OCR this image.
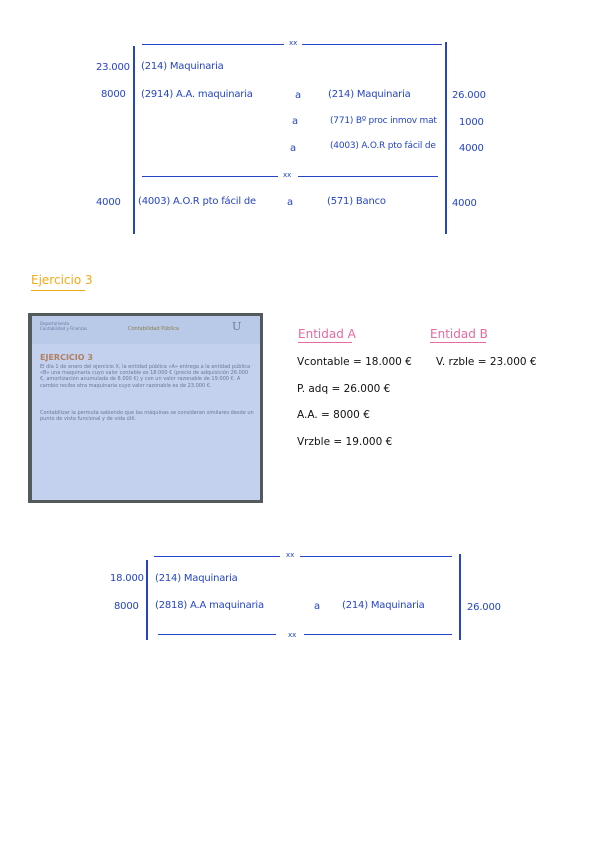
xx
23.000 (214) Maquinaria
8000 (2914) A.A. maquinaria	a	(214) Maquinaria	26.000
a	(771) Bº proc inmov mat 1000
a	(4003) A.O.R pto fácil de 4000
xx
4000 (4003) A.O.R pto fácil de	a	(571) Banco	4000
Ejercicio 3
Departamento Contabilidad y Finanzas	Contabilidad Pública	U
EJERCICIO 3

El día 1 de enero del ejercicio X, la entidad pública «A» entrega a la entidad pública «B» una maquinaria cuyo valor contable es 18.000 € (precio de adquisición 26.000 €, amortización acumulada de 8.000 €) y con un valor razonable de 19.000 €. A cambio recibe otra maquinaria cuyo valor razonable es de 23.000 €.

Contabilizar la permuta sabiendo que las máquinas se consideran similares desde un punto de vista funcional y de vida útil.

Entidad A
Vcontable = 18.000 €
P. adq = 26.000 €
A.A. = 8000 €
Vrzble = 19.000 €
Entidad B
V. rzble = 23.000 €
xx
18.000 (214) Maquinaria
8000 (2818) A.A maquinaria	a (214) Maquinaria	26.000
xx
